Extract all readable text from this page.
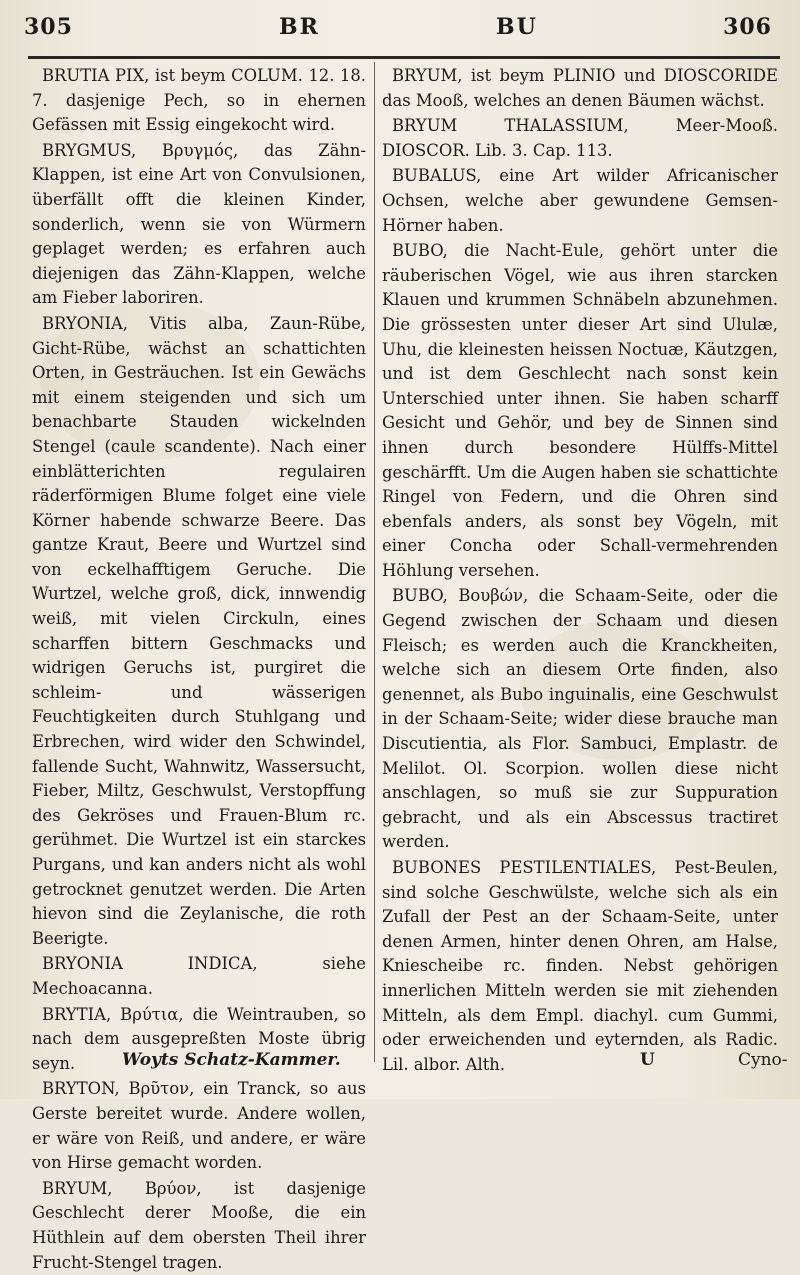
305	BR	BU	306

BRUTIA PIX, ist beym COLUM. 12. 18. 7. dasjenige Pech, so in ehernen Gefässen mit Essig eingekocht wird.

BRYGMUS, Βρυγμός, das Zähn-Klappen, ist eine Art von Convulsionen, überfällt offt die kleinen Kinder, sonderlich, wenn sie von Würmern geplaget werden; es erfahren auch diejenigen das Zähn-Klappen, welche am Fieber laboriren.

BRYONIA, Vitis alba, Zaun-Rübe, Gicht-Rübe, wächst an schattichten Orten, in Gesträuchen. Ist ein Gewächs mit einem steigenden und sich um benachbarte Stauden wickelnden Stengel (caule scandente). Nach einer einblätterichten regulairen räderförmigen Blume folget eine viele Körner habende schwarze Beere. Das gantze Kraut, Beere und Wurtzel sind von eckelhafftigem Geruche. Die Wurtzel, welche groß, dick, innwendig weiß, mit vielen Circkuln, eines scharffen bittern Geschmacks und widrigen Geruchs ist, purgiret die schleim- und wässerigen Feuchtigkeiten durch Stuhlgang und Erbrechen, wird wider den Schwindel, fallende Sucht, Wahnwitz, Wassersucht, Fieber, Miltz, Geschwulst, Verstopffung des Gekröses und Frauen-Blum rc. gerühmet. Die Wurtzel ist ein starckes Purgans, und kan anders nicht als wohl getrocknet genutzet werden. Die Arten hievon sind die Zeylanische, die roth Beerigte.

BRYONIA INDICA, siehe Mechoacanna.

BRYTIA, Βρύτια, die Weintrauben, so nach dem ausgepreßten Moste übrig seyn.

BRYTON, Βρῦτον, ein Tranck, so aus Gerste bereitet wurde. Andere wollen, er wäre von Reiß, und andere, er wäre von Hirse gemacht worden.

BRYUM, Βρύον, ist dasjenige Geschlecht derer Mooße, die ein Hüthlein auf dem obersten Theil ihrer Frucht-Stengel tragen.

BRYUM, ist beym PLINIO und DIOSCORIDE das Mooß, welches an denen Bäumen wächst.

BRYUM THALASSIUM, Meer-Mooß. DIOSCOR. Lib. 3. Cap. 113.

BUBALUS, eine Art wilder Africanischer Ochsen, welche aber gewundene Gemsen-Hörner haben.

BUBO, die Nacht-Eule, gehört unter die räuberischen Vögel, wie aus ihren starcken Klauen und krummen Schnäbeln abzunehmen. Die grössesten unter dieser Art sind Ululæ, Uhu, die kleinesten heissen Noctuæ, Käutzgen, und ist dem Geschlecht nach sonst kein Unterschied unter ihnen. Sie haben scharff Gesicht und Gehör, und bey de Sinnen sind ihnen durch besondere Hülffs-Mittel geschärfft. Um die Augen haben sie schattichte Ringel von Federn, und die Ohren sind ebenfals anders, als sonst bey Vögeln, mit einer Concha oder Schall-vermehrenden Höhlung versehen.

BUBO, Βουβών, die Schaam-Seite, oder die Gegend zwischen der Schaam und diesen Fleisch; es werden auch die Kranckheiten, welche sich an diesem Orte finden, also genennet, als Bubo inguinalis, eine Geschwulst in der Schaam-Seite; wider diese brauche man Discutientia, als Flor. Sambuci, Emplastr. de Melilot. Ol. Scorpion. wollen diese nicht anschlagen, so muß sie zur Suppuration gebracht, und als ein Abscessus tractiret werden.

BUBONES PESTILENTIALES, Pest-Beulen, sind solche Geschwülste, welche sich als ein Zufall der Pest an der Schaam-Seite, unter denen Armen, hinter denen Ohren, am Halse, Kniescheibe rc. finden. Nebst gehörigen innerlichen Mitteln werden sie mit ziehenden Mitteln, als dem Empl. diachyl. cum Gummi, oder erweichenden und eyternden, als Radic. Lil. albor. Alth.

Woyts Schatz-Kammer.	U	Cyno-
